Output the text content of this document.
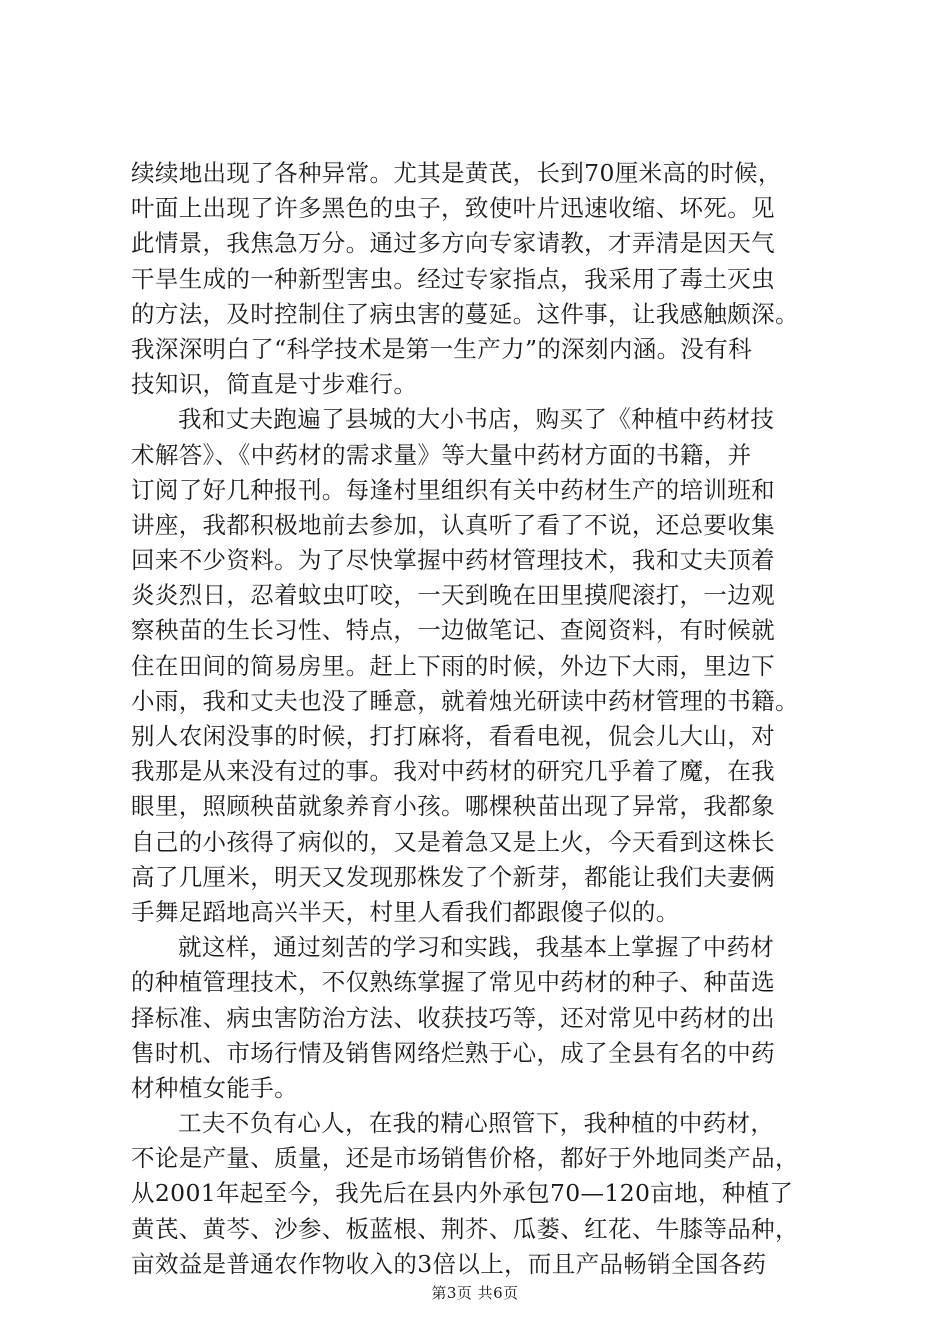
续续地出现了各种异常。尤其是黄芪，长到70厘米高的时候，
叶面上出现了许多黑色的虫子，致使叶片迅速收缩、坏死。见
此情景，我焦急万分。通过多方向专家请教，才弄清是因天气
干旱生成的一种新型害虫。经过专家指点，我采用了毒土灭虫
的方法，及时控制住了病虫害的蔓延。这件事，让我感触颇深。
我深深明白了“科学技术是第一生产力”的深刻内涵。没有科
技知识，简直是寸步难行。
我和丈夫跑遍了县城的大小书店，购买了《种植中药材技
术解答》、《中药材的需求量》等大量中药材方面的书籍，并
订阅了好几种报刊。每逢村里组织有关中药材生产的培训班和
讲座，我都积极地前去参加，认真听了看了不说，还总要收集
回来不少资料。为了尽快掌握中药材管理技术，我和丈夫顶着
炎炎烈日，忍着蚊虫叮咬，一天到晚在田里摸爬滚打，一边观
察秧苗的生长习性、特点，一边做笔记、查阅资料，有时候就
住在田间的简易房里。赶上下雨的时候，外边下大雨，里边下
小雨，我和丈夫也没了睡意，就着烛光研读中药材管理的书籍。
别人农闲没事的时候，打打麻将，看看电视，侃会儿大山，对
我那是从来没有过的事。我对中药材的研究几乎着了魔，在我
眼里，照顾秧苗就象养育小孩。哪棵秧苗出现了异常，我都象
自己的小孩得了病似的，又是着急又是上火，今天看到这株长
高了几厘米，明天又发现那株发了个新芽，都能让我们夫妻俩
手舞足蹈地高兴半天，村里人看我们都跟傻子似的。
就这样，通过刻苦的学习和实践，我基本上掌握了中药材
的种植管理技术，不仅熟练掌握了常见中药材的种子、种苗选
择标准、病虫害防治方法、收获技巧等，还对常见中药材的出
售时机、市场行情及销售网络烂熟于心，成了全县有名的中药
材种植女能手。
工夫不负有心人，在我的精心照管下，我种植的中药材，
不论是产量、质量，还是市场销售价格，都好于外地同类产品，
从2001年起至今，我先后在县内外承包70—120亩地，种植了
黄芪、黄芩、沙参、板蓝根、荆芥、瓜蒌、红花、牛膝等品种，
亩效益是普通农作物收入的3倍以上，而且产品畅销全国各药
第3页 共6页
